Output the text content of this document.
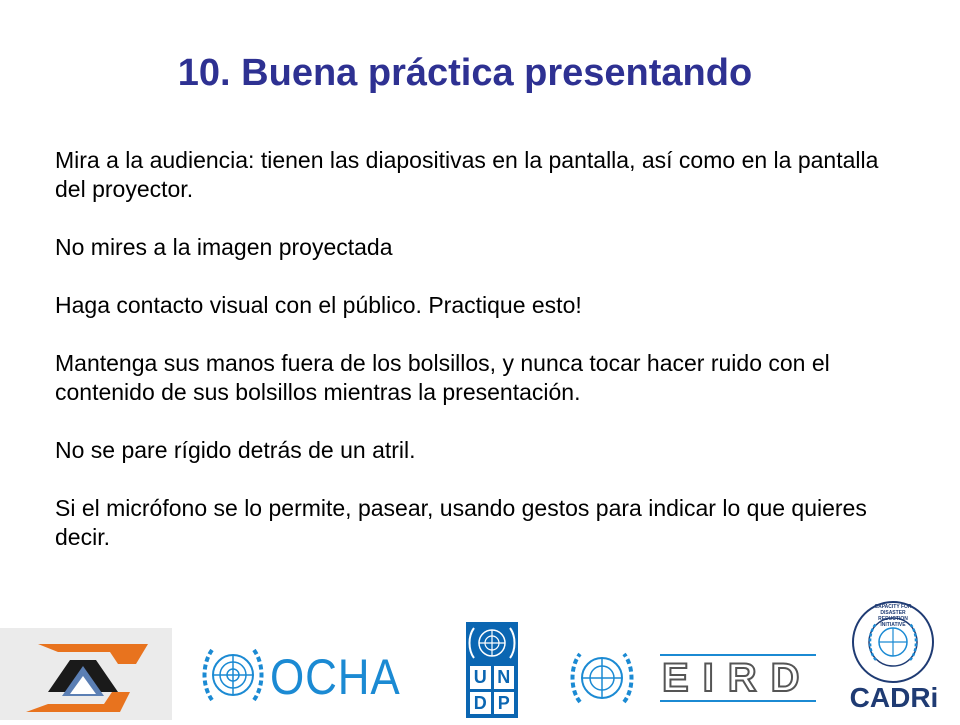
10. Buena práctica presentando

Mira a la audiencia: tienen las diapositivas en la pantalla, así como en la pantalla del proyector.

No mires a la imagen proyectada

Haga contacto visual con el público. Practique esto!

Mantenga sus manos fuera de los bolsillos, y nunca tocar hacer ruido con el contenido de sus bolsillos mientras la presentación.

No se pare rígido detrás de un atril.

Si el micrófono se lo permite, pasear, usando gestos para indicar lo que quieres decir.

OCHA	U N
D P
EIRD
CAPACITY FOR DISASTER REDUCTION INITIATIVE
CADRi
